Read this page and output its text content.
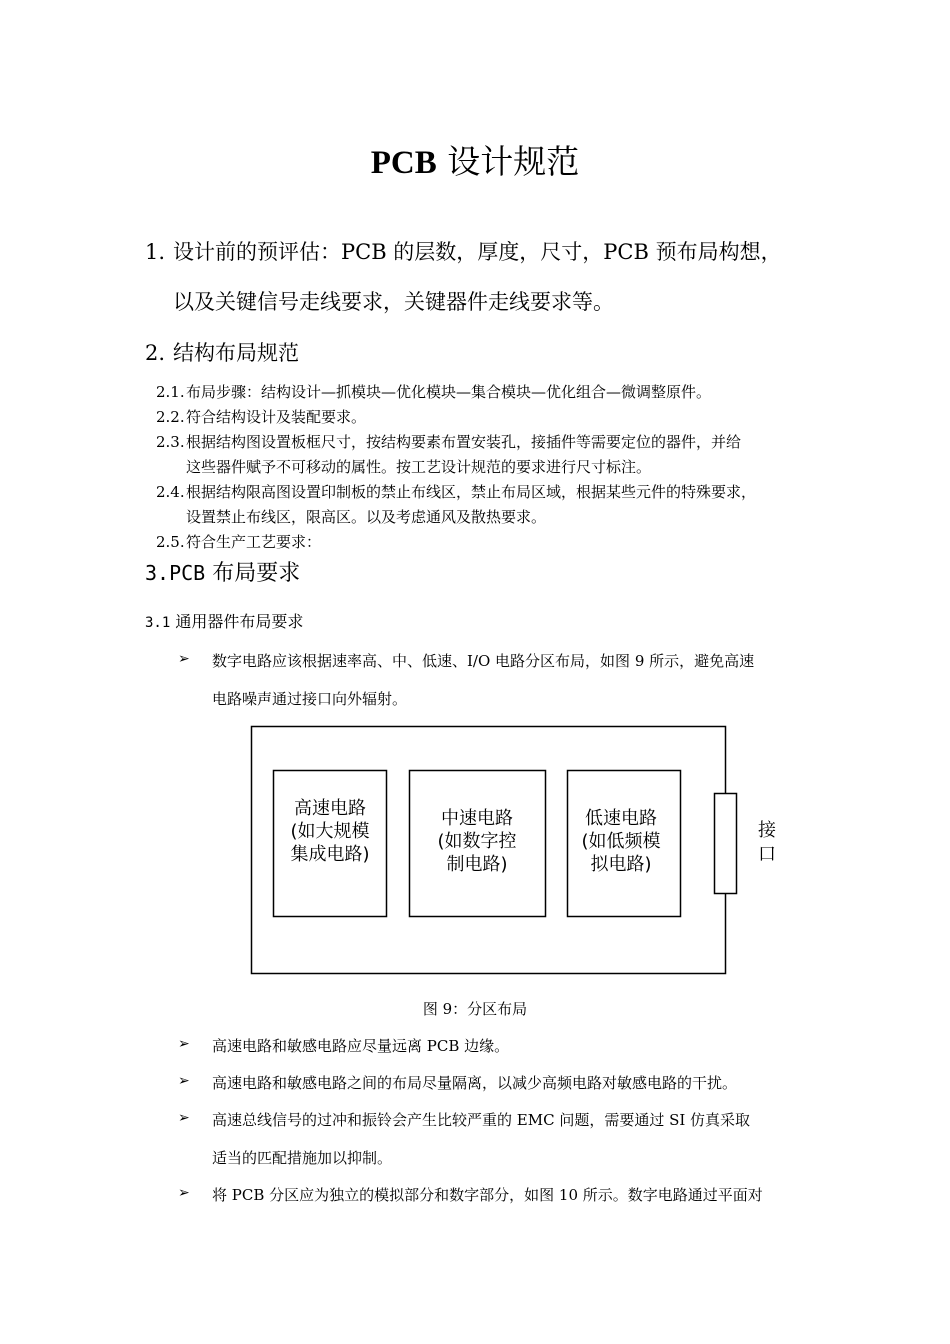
PCB 设计规范
1. 设计前的预评估：PCB 的层数，厚度，尺寸，PCB 预布局构想，
以及关键信号走线要求，关键器件走线要求等。
2. 结构布局规范
2.1.布局步骤：结构设计—抓模块—优化模块—集合模块—优化组合—微调整原件。
2.2.符合结构设计及装配要求。
2.3.根据结构图设置板框尺寸，按结构要素布置安装孔，接插件等需要定位的器件，并给
这些器件赋予不可移动的属性。按工艺设计规范的要求进行尺寸标注。
2.4.根据结构限高图设置印制板的禁止布线区，禁止布局区域，根据某些元件的特殊要求，
设置禁止布线区，限高区。以及考虑通风及散热要求。
2.5.符合生产工艺要求：
3.PCB 布局要求
3.1 通用器件布局要求
➢ 数字电路应该根据速率高、中、低速、I/O 电路分区布局，如图 9 所示，避免高速
电路噪声通过接口向外辐射。
高速电路
(如大规模
集成电路)
中速电路
(如数字控
制电路)
低速电路
(如低频模
拟电路)
接
口
图 9：分区布局
➢ 高速电路和敏感电路应尽量远离 PCB 边缘。
➢ 高速电路和敏感电路之间的布局尽量隔离，以减少高频电路对敏感电路的干扰。
➢ 高速总线信号的过冲和振铃会产生比较严重的 EMC 问题，需要通过 SI 仿真采取
适当的匹配措施加以抑制。
➢ 将 PCB 分区应为独立的模拟部分和数字部分，如图 10 所示。数字电路通过平面对
